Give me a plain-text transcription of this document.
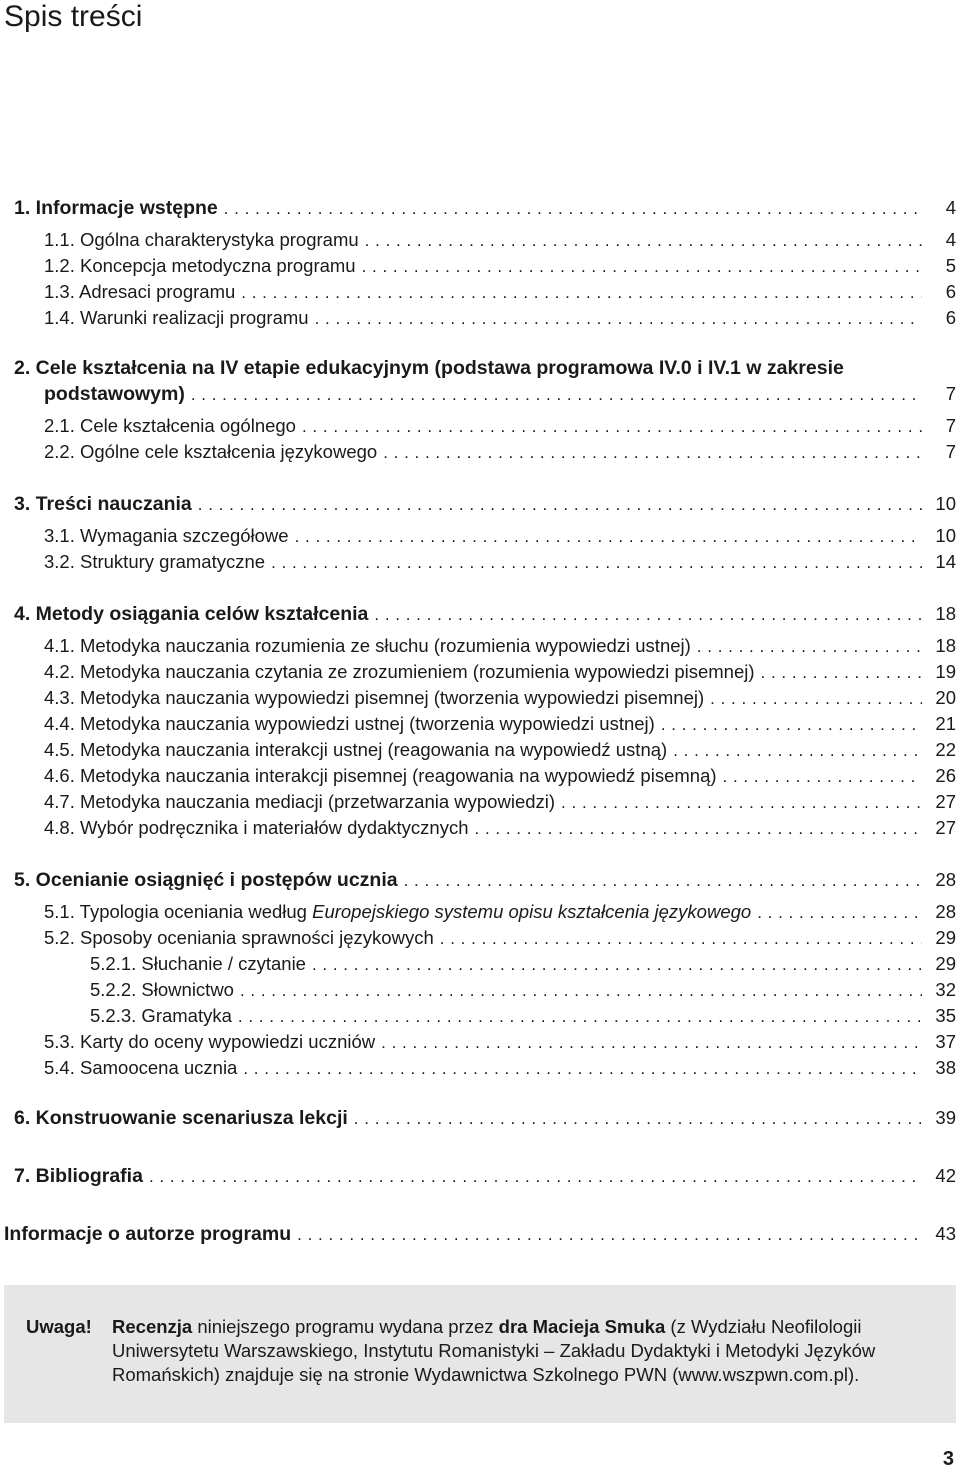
Spis treści
1. Informacje wstępne . . .	4
1.1. Ogólna charakterystyka programu . . .	4
1.2. Koncepcja metodyczna programu . . .	5
1.3. Adresaci programu . . .	6
1.4. Warunki realizacji programu . . .	6
2. Cele kształcenia na IV etapie edukacyjnym (podstawa programowa IV.0 i IV.1 w zakresie
podstawowym) . . .	7
2.1. Cele kształcenia ogólnego . . .	7
2.2. Ogólne cele kształcenia językowego . . .	7
3. Treści nauczania . . .	10
3.1. Wymagania szczegółowe . . .	10
3.2. Struktury gramatyczne . . .	14
4. Metody osiągania celów kształcenia . . .	18
4.1. Metodyka nauczania rozumienia ze słuchu (rozumienia wypowiedzi ustnej) . . .	18
4.2. Metodyka nauczania czytania ze zrozumieniem (rozumienia wypowiedzi pisemnej) . . .	19
4.3. Metodyka nauczania wypowiedzi pisemnej (tworzenia wypowiedzi pisemnej) . . .	20
4.4. Metodyka nauczania wypowiedzi ustnej (tworzenia wypowiedzi ustnej) . . .	21
4.5. Metodyka nauczania interakcji ustnej (reagowania na wypowiedź ustną) . . .	22
4.6. Metodyka nauczania interakcji pisemnej (reagowania na wypowiedź pisemną) . . .	26
4.7. Metodyka nauczania mediacji (przetwarzania wypowiedzi) . . .	27
4.8. Wybór podręcznika i materiałów dydaktycznych . . .	27
5. Ocenianie osiągnięć i postępów ucznia . . .	28
5.1. Typologia oceniania według Europejskiego systemu opisu kształcenia językowego . . .	28
5.2. Sposoby oceniania sprawności językowych . . .	29
5.2.1. Słuchanie / czytanie . . .	29
5.2.2. Słownictwo . . .	32
5.2.3. Gramatyka . . .	35
5.3. Karty do oceny wypowiedzi uczniów . . .	37
5.4. Samoocena ucznia . . .	38
6. Konstruowanie scenariusza lekcji . . .	39
7. Bibliografia . . .	42
Informacje o autorze programu . . .	43
Uwaga! Recenzja niniejszego programu wydana przez dra Macieja Smuka (z Wydziału Neofilologii Uniwersytetu Warszawskiego, Instytutu Romanistyki – Zakładu Dydaktyki i Metodyki Języków Romańskich) znajduje się na stronie Wydawnictwa Szkolnego PWN (www.wszpwn.com.pl).
3
